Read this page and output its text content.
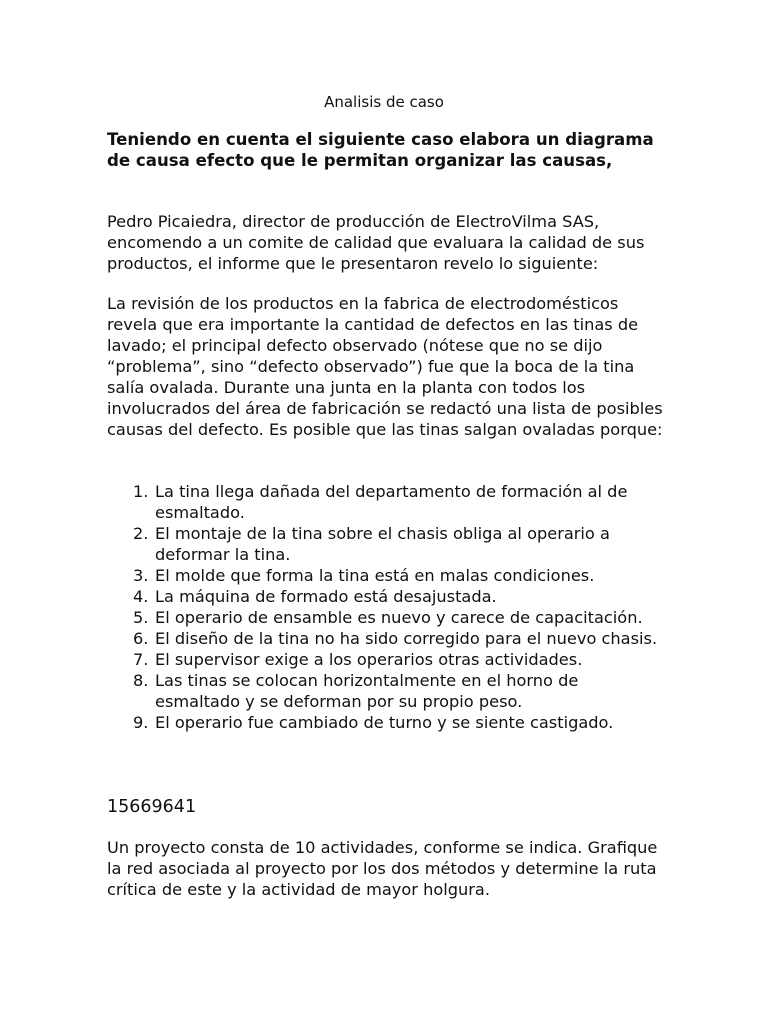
Analisis de caso

Teniendo en cuenta el siguiente caso elabora un diagrama de causa efecto que le permitan organizar las causas,

Pedro Picaiedra, director de producción de ElectroVilma SAS, encomendo a un comite de calidad que evaluara la calidad de sus productos, el informe que le presentaron revelo lo siguiente:

La revisión de los productos en la fabrica de electrodomésticos revela que era importante la cantidad de defectos en las tinas de lavado; el principal defecto observado (nótese que no se dijo “problema”, sino “defecto observado”) fue que la boca de la tina salía ovalada. Durante una junta en la planta con todos los involucrados del área de fabricación se redactó una lista de posibles causas del defecto. Es posible que las tinas salgan ovaladas porque:

1. La tina llega dañada del departamento de formación al de esmaltado.
2. El montaje de la tina sobre el chasis obliga al operario a deformar la tina.
3. El molde que forma la tina está en malas condiciones.
4. La máquina de formado está desajustada.
5. El operario de ensamble es nuevo y carece de capacitación.
6. El diseño de la tina no ha sido corregido para el nuevo chasis.
7. El supervisor exige a los operarios otras actividades.
8. Las tinas se colocan horizontalmente en el horno de esmaltado y se deforman por su propio peso.
9. El operario fue cambiado de turno y se siente castigado.
15669641

Un proyecto consta de 10 actividades, conforme se indica. Grafique la red asociada al proyecto por los dos métodos y determine la ruta crítica de este y la actividad de mayor holgura.
